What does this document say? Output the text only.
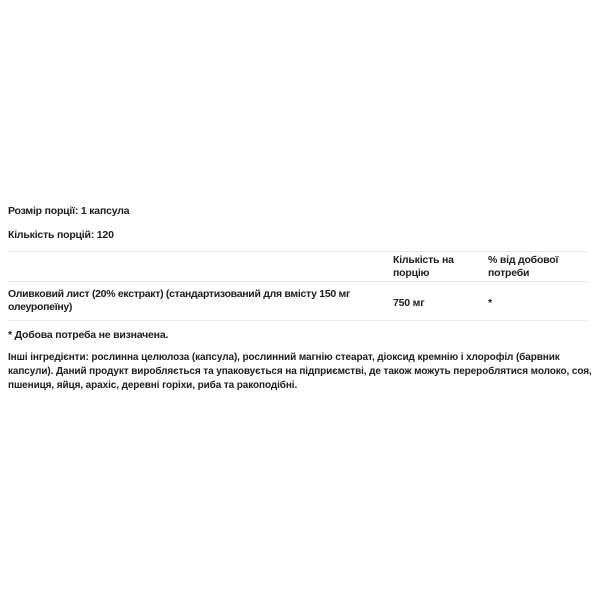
Розмір порції: 1 капсула
Кількість порцій: 120
Кількість на порцію
% від добової потреби
Оливковий лист (20% екстракт) (стандартизований для вмісту 150 мг олеуропеїну)	750 мг	*
* Добова потреба не визначена.
Інші інгредієнти: рослинна целюлоза (капсула), рослинний магнію стеарат, діоксид кремнію і хлорофіл (барвник капсули). Даний продукт виробляється та упаковується на підприємстві, де також можуть перероблятися молоко, соя, пшениця, яйця, арахіс, деревні горіхи, риба та ракоподібні.
